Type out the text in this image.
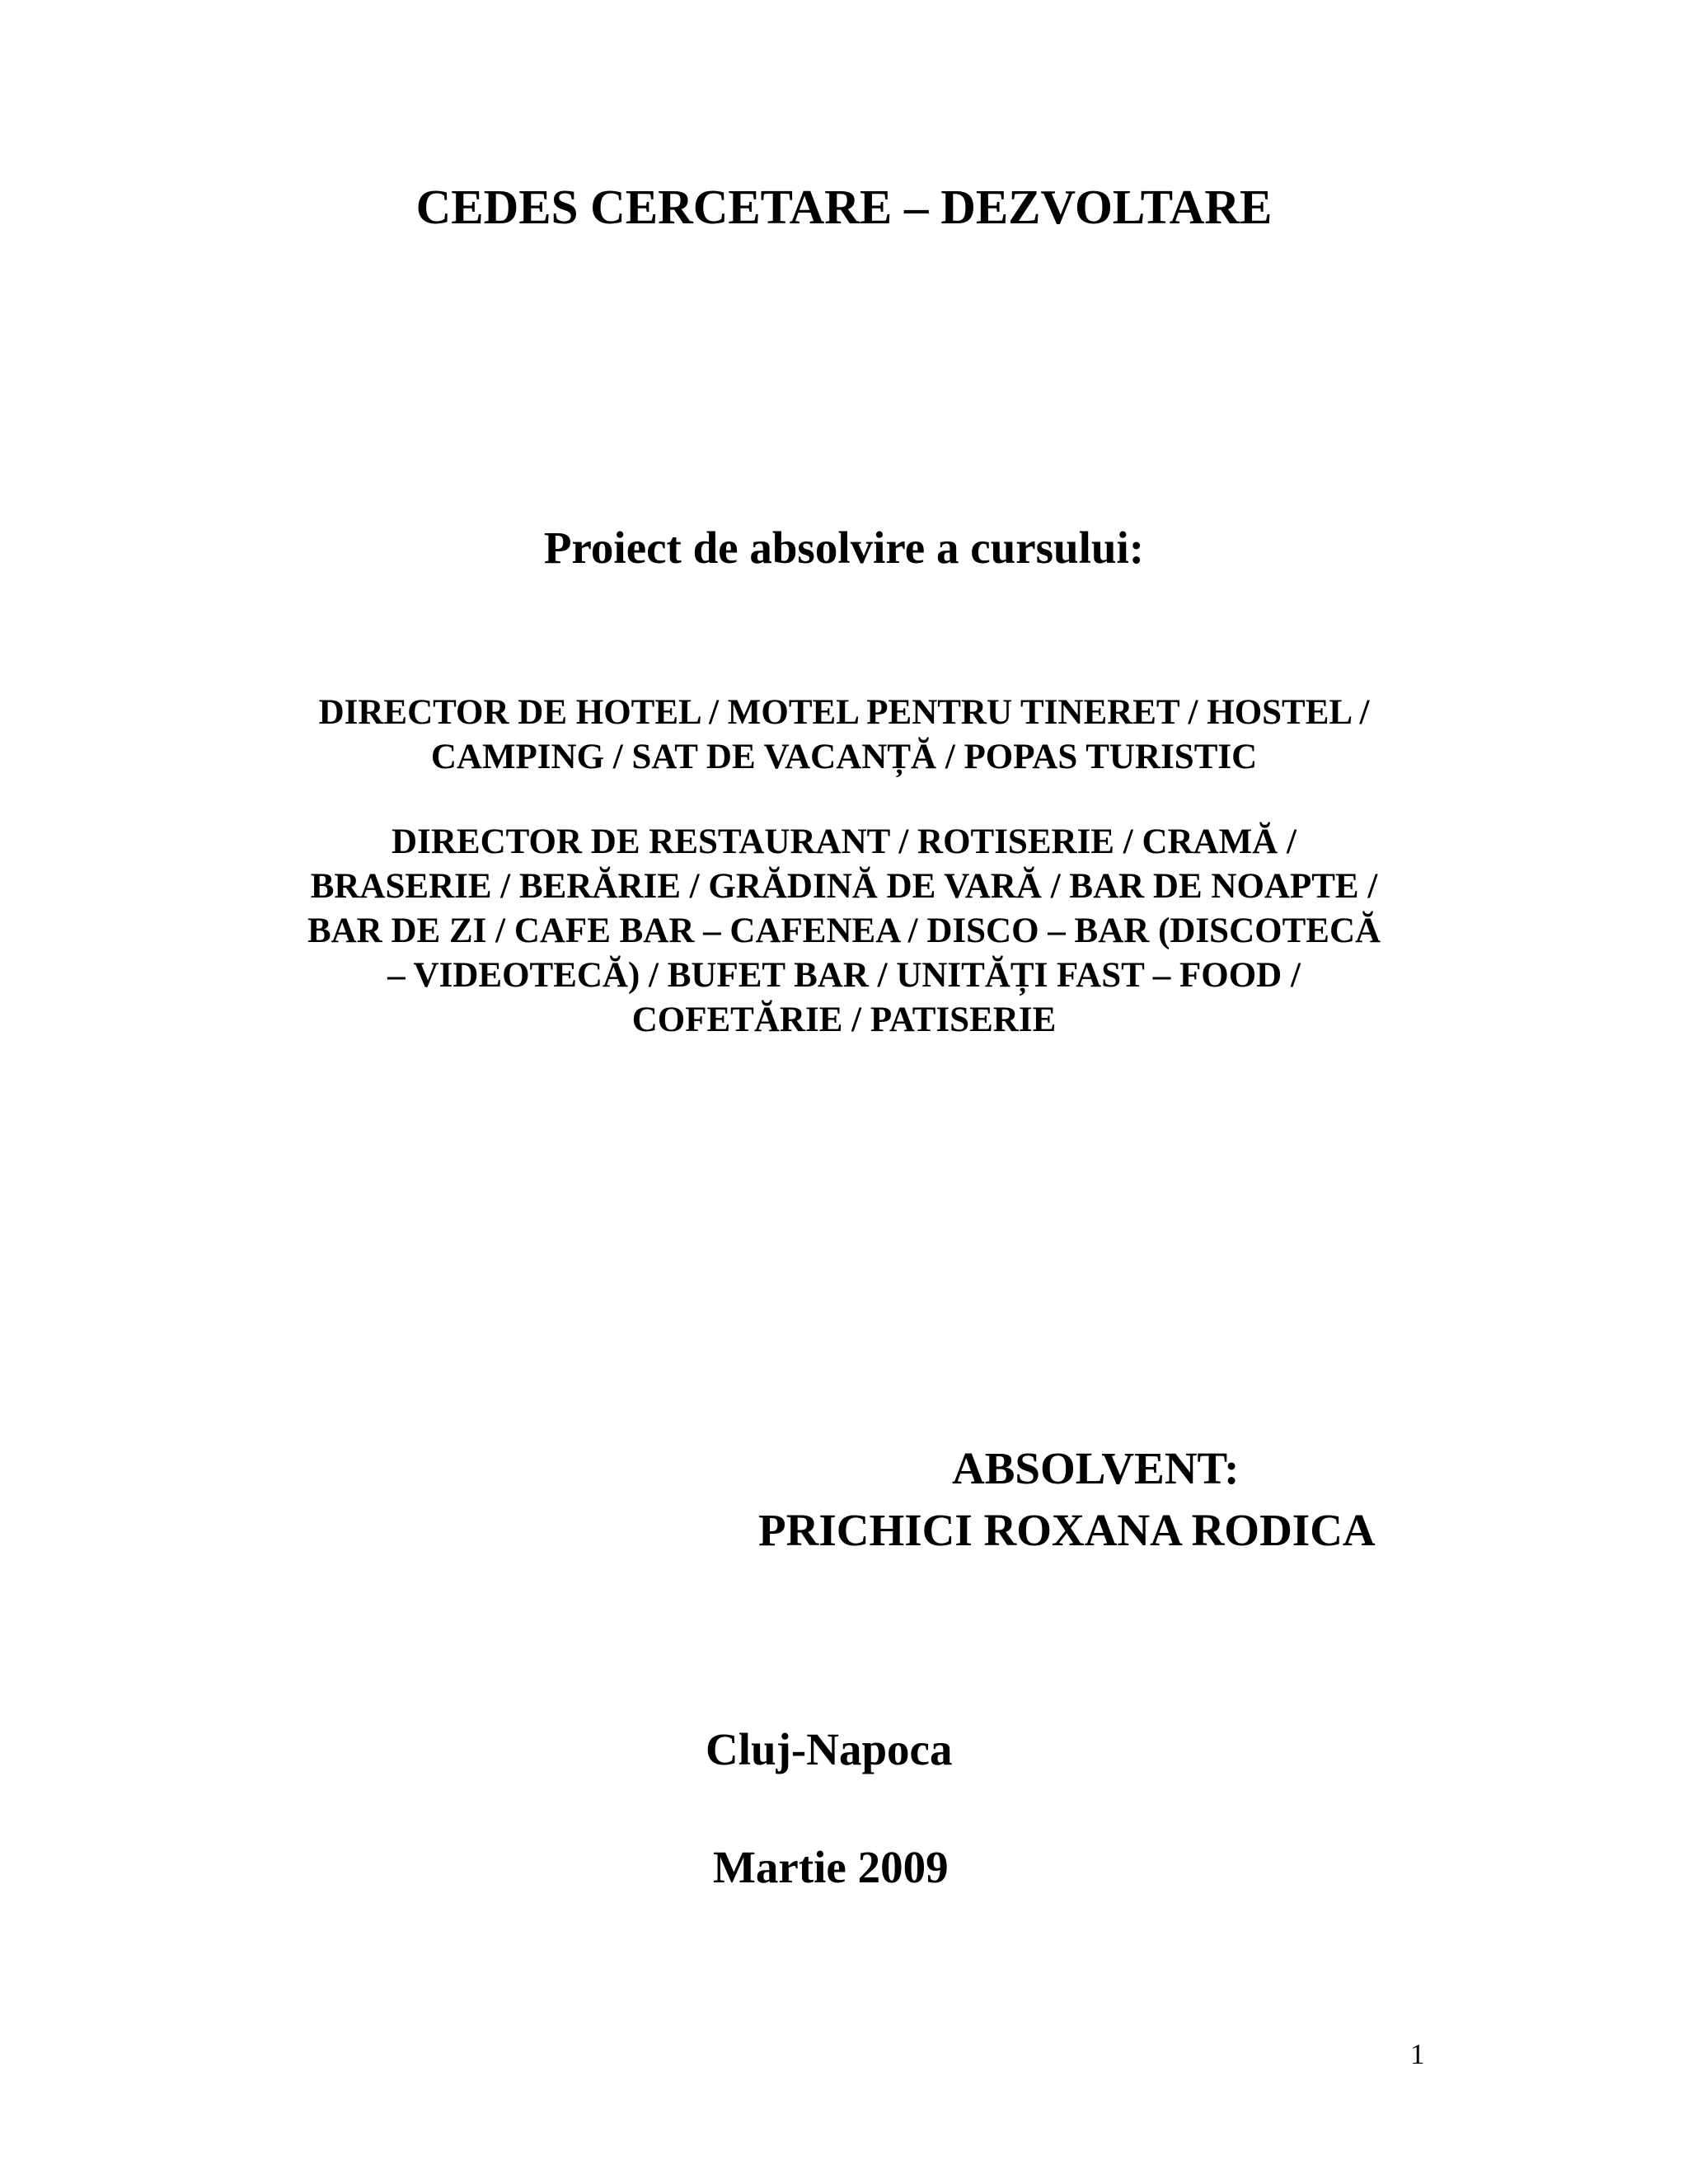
CEDES CERCETARE – DEZVOLTARE
Proiect de absolvire a cursului:
DIRECTOR DE HOTEL / MOTEL PENTRU TINERET / HOSTEL /
CAMPING / SAT DE VACANȚĂ / POPAS TURISTIC
DIRECTOR DE RESTAURANT / ROTISERIE / CRAMĂ /
BRASERIE / BERĂRIE / GRĂDINĂ DE VARĂ / BAR DE NOAPTE /
BAR DE ZI / CAFE BAR – CAFENEA / DISCO – BAR (DISCOTECĂ
– VIDEOTECĂ) / BUFET BAR / UNITĂȚI FAST – FOOD /
COFETĂRIE / PATISERIE
ABSOLVENT:
PRICHICI ROXANA RODICA
Cluj-Napoca
Martie 2009
1
